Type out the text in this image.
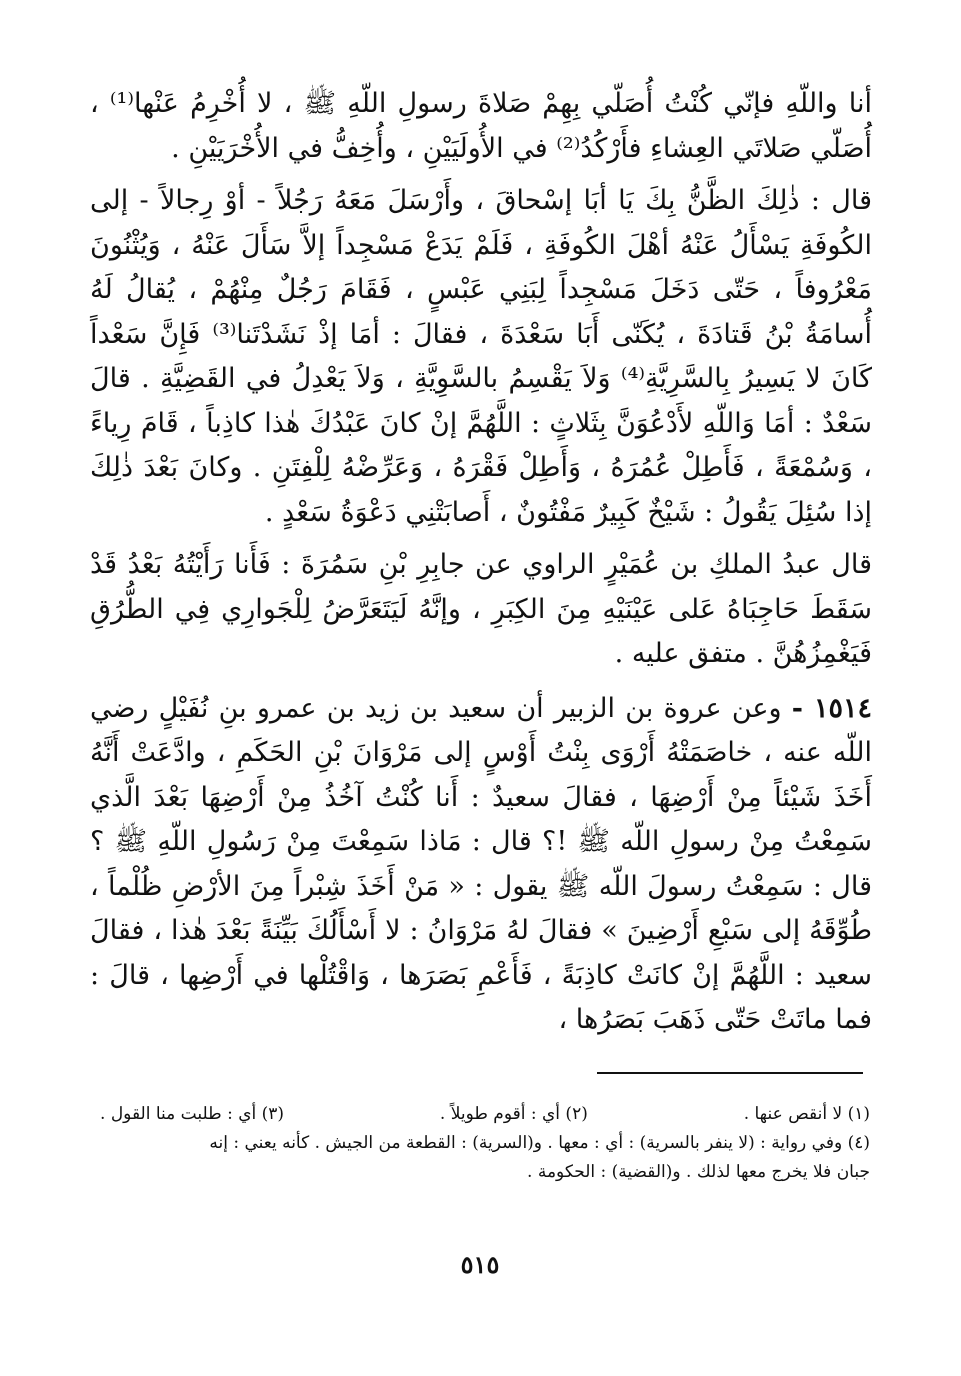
أنا واللّهِ فإنّي كُنْتُ أُصَلّي بِهِمْ صَلاةَ رسولِ اللّهِ ﷺ ، لا أُخْرِمُ عَنْها⁽¹⁾ ، أُصَلّي صَلاتَي العِشاءِ فأَرْكُدُ⁽²⁾ في الأُولَيَيْنِ ، وأُخِفُّ في الأُخْرَيَيْنِ .

قال : ذٰلِكَ الظَّنُّ بِكَ يَا أبَا إسْحاقَ ، وأَرْسَلَ مَعَهُ رَجُلاً - أوْ رِجالاً - إلى الكُوفَةِ يَسْأَلُ عَنْهُ أهْلَ الكُوفَةِ ، فَلَمْ يَدَعْ مَسْجِداً إلاَّ سَأَلَ عَنْهُ ، وَيُثْنُونَ مَعْرُوفاً ، حَتّى دَخَلَ مَسْجِداً لِبَنِي عَبْسٍ ، فَقَامَ رَجُلٌ مِنْهُمْ ، يُقالُ لَهُ أُسامَةُ بْنُ قَتادَةَ ، يُكَنّى أَبَا سَعْدَةَ ، فقالَ : أمَا إذْ نَشَدْتَنا⁽³⁾ فَإِنَّ سَعْداً كَانَ لا يَسِيرُ بِالسَّرِيَّةِ⁽⁴⁾ وَلاَ يَقْسِمُ بالسَّوِيَّةِ ، وَلاَ يَعْدِلُ في القَضِيَّةِ . قالَ سَعْدٌ : أمَا وَاللّهِ لأَدْعُوَنَّ بِثَلاثٍ : اللَّهُمَّ إنْ كانَ عَبْدُكَ هٰذا كاذِباً ، قَامَ رِياءً ، وَسُمْعَةً ، فَأَطِلْ عُمُرَهُ ، وَأَطِلْ فَقْرَهُ ، وَعَرِّضْهُ لِلْفِتَنِ . وكانَ بَعْدَ ذٰلِكَ إذا سُئِلَ يَقُولُ : شَيْخٌ كَبِيرٌ مَفْتُونٌ ، أَصابَتْنِي دَعْوَةُ سَعْدٍ .

قال عبدُ الملكِ بن عُمَيْرٍ الراوي عن جابِرِ بْنِ سَمُرَةَ : فَأَنا رَأَيْتُهُ بَعْدُ قَدْ سَقَطَ حَاجِبَاهُ عَلى عَيْنَيْهِ مِنَ الكِبَرِ ، وإنَّهُ لَيَتَعَرَّضُ لِلْجَوارِي فِي الطُّرُقِ فَيَغْمِزُهُنَّ . متفق عليه .

١٥١٤ - وعن عروة بن الزبير أن سعيد بن زيد بن عمرو بنِ نُفَيْلٍ رضي اللّه عنه ، خاصَمَتْهُ أَرْوَى بِنْتُ أَوْسٍ إلى مَرْوَانَ بْنِ الحَكَمِ ، وادَّعَتْ أَنَّهُ أَخَذَ شَيْئاً مِنْ أَرْضِهَا ، فقالَ سعيدٌ : أَنا كُنْتُ آخُذُ مِنْ أَرْضِهَا بَعْدَ الَّذي سَمِعْتُ مِنْ رسولِ اللّه ﷺ !؟ قال : مَاذا سَمِعْتَ مِنْ رَسُولِ اللّهِ ﷺ ؟ قال : سَمِعْتُ رسولَ اللّه ﷺ يقول : « مَنْ أَخَذَ شِبْراً مِنَ الأرْضِ ظُلْماً ، طُوِّقَهُ إلى سَبْعِ أَرْضِينَ » فقالَ لهُ مَرْوَانُ : لا أَسْأَلُكَ بَيِّنَةً بَعْدَ هٰذا ، فقالَ سعيد : اللَّهُمَّ إنْ كانَتْ كاذِبَةً ، فَأَعْمِ بَصَرَها ، وَاقْتُلْها في أَرْضِها ، قالَ : فما ماتَتْ حَتّى ذَهَبَ بَصَرُها ،

(١) لا أنقص عنها .
(٢) أي : أقوم طويلاً .
(٣) أي : طلبت منا القول .

(٤) وفي رواية : (لا ينفر بالسرية) : أي : معها . و(السرية) : القطعة من الجيش . كأنه يعني : إنه

جبان فلا يخرج معها لذلك . و(القضية) : الحكومة .

٥١٥
